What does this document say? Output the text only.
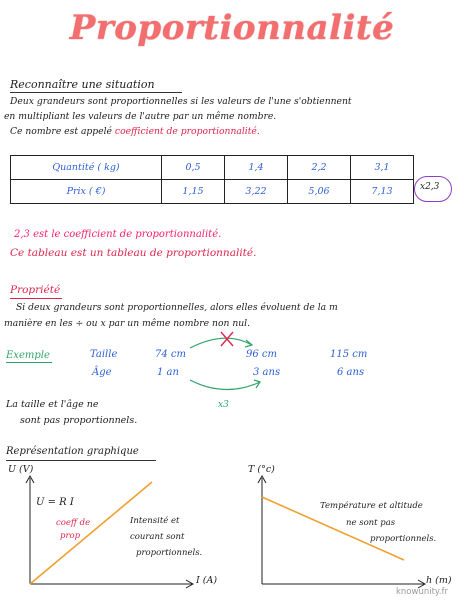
Proportionnalité
Reconnaître une situation
Deux grandeurs sont proportionnelles si les valeurs de l'une s'obtiennent
en multipliant les valeurs de l'autre par un même nombre.
Ce nombre est appelé coefficient de proportionnalité.
Quantité ( kg)	0,5	1,4	2,2	3,1
Prix ( €)	1,15	3,22	5,06	7,13	x2,3
2,3 est le coefficient de proportionnalité.
Ce tableau est un tableau de proportionnalité.
Propriété
Si deux grandeurs sont proportionnelles, alors elles évoluent de la m
manière en les ÷ ou x par un même nombre non nul.
Exemple	Taille	74 cm	96 cm	115 cm
Âge	1 an	3 ans	6 ans
x3
La taille et l'âge ne
sont pas proportionnels.
Représentation graphique
U (V)
I (A)
U = R I
coeff de
prop
Intensité et
courant sont
proportionnels.
T (°c)
h (m)
Température et altitude
ne sont pas
proportionnels.
knowunity.fr
